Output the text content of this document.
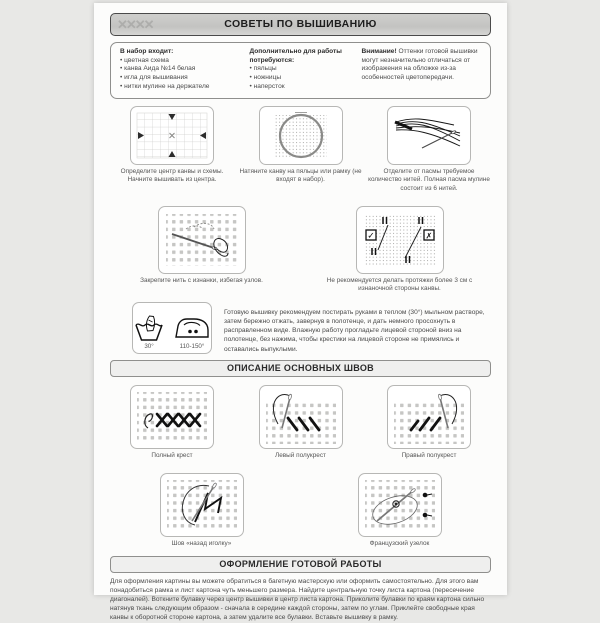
✕✕✕✕	СОВЕТЫ ПО ВЫШИВАНИЮ
В набор входит:
• цветная схема
• канва Аида №14 белая
• игла для вышивания
• нитки мулине на держателе
Дополнительно для работы потребуются:
• пяльцы
• ножницы
• наперсток
Внимание! Оттенки готовой вышивки могут незначительно отличаться от изображения на обложке из-за особенностей цветопередачи.
Определите центр канвы и схемы. Начните вышивать из центра.
Натяните канву на пяльцы или рамку (не входят в набор).
Отделите от пасмы требуемое количество нитей. Полная пасма мулине состоит из 6 нитей.
Закрепите нить с изнанки, избегая узлов.
✓	✗
Не рекомендуется делать протяжки более 3 см с изнаночной стороны канвы.
30°	110-150°
Готовую вышивку рекомендуем постирать руками в теплом (30°) мыльном растворе, затем бережно отжать, завернув в полотенце, и дать немного просохнуть в расправленном виде. Влажную работу прогладьте лицевой стороной вниз на полотенце, без нажима, чтобы крестики на лицевой стороне не примялись и оставались выпуклыми.
ОПИСАНИЕ ОСНОВНЫХ ШВОВ
Полный крест	Левый полукрест	Правый полукрест
Шов «назад иголку»	Французский узелок
ОФОРМЛЕНИЕ ГОТОВОЙ РАБОТЫ
Для оформления картины вы можете обратиться в багетную мастерскую или оформить самостоятельно. Для этого вам понадобиться рамка и лист картона чуть меньшего размера. Найдите центральную точку листа картона (пересечение диагоналей). Воткните булавку через центр вышивки в центр листа картона. Приколите булавки по краям картона сильно натянув ткань следующим образом - сначала в середине каждой стороны, затем по углам. Приклейте свободные края канвы к оборотной стороне картона, а затем удалите все булавки. Вставьте вышивку в рамку.
